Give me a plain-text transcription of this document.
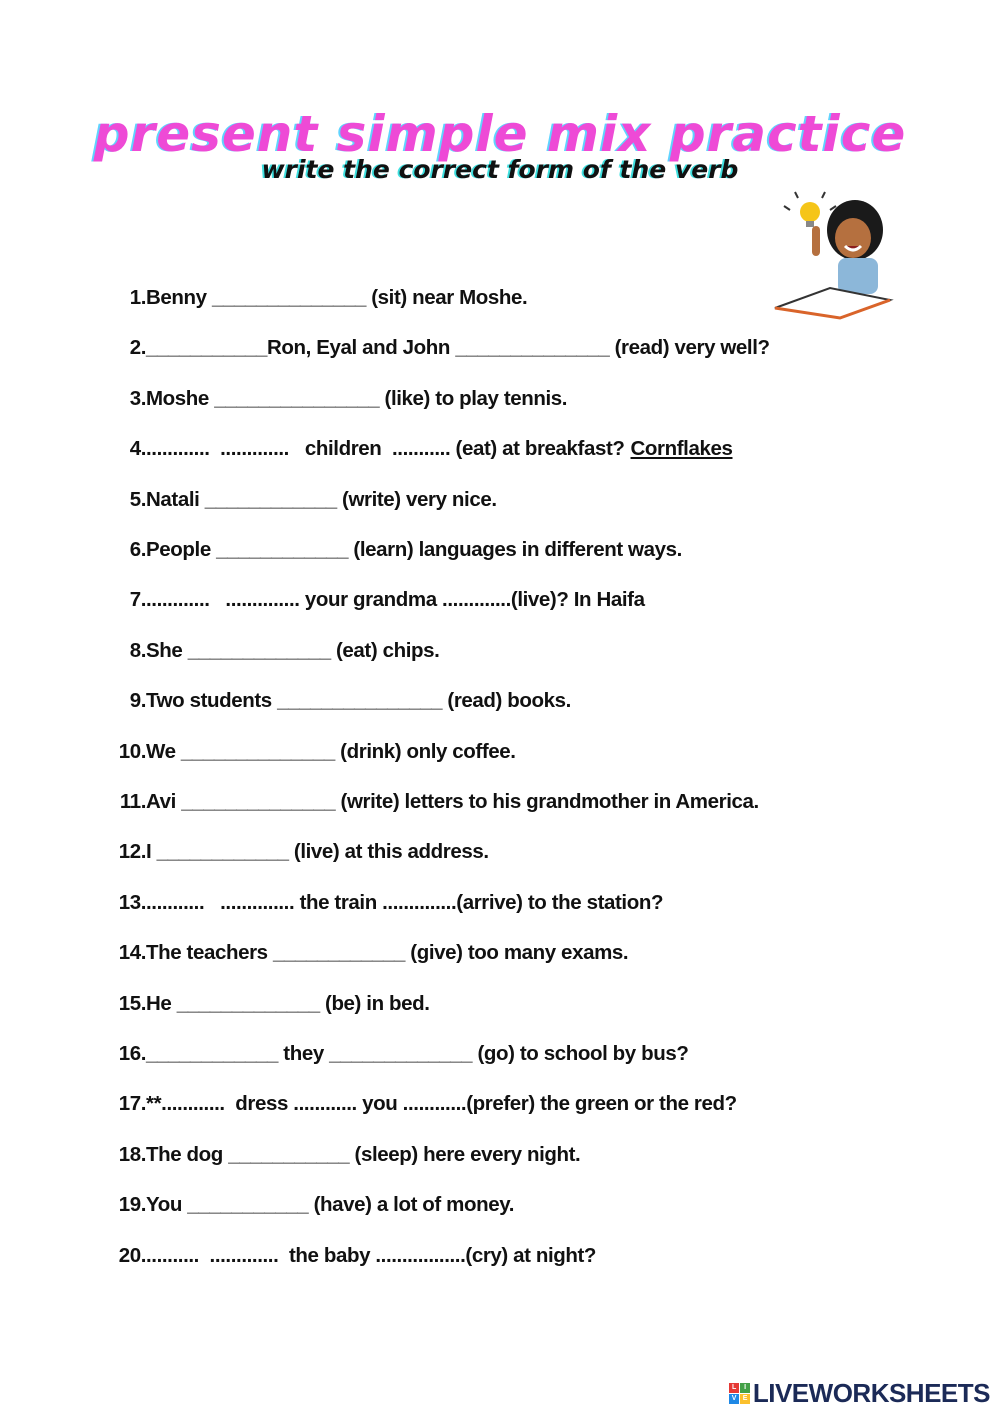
present simple mix practice
write the correct form of the verb
1. Benny ______________ (sit) near Moshe.
2. ___________Ron, Eyal and John ______________ (read) very well?
3. Moshe _______________ (like) to play tennis.
4. ............  .............   children  ........... (eat) at breakfast? Cornflakes
5. Natali ____________ (write) very nice.
6. People ____________ (learn) languages in different ways.
7. ............   .............. your grandma .............(live)? In Haifa
8. She _____________ (eat) chips.
9. Two students _______________ (read) books.
10. We ______________ (drink) only coffee.
11. Avi ______________ (write) letters to his grandmother in America.
12. I ____________ (live) at this address.
13. ...........   .............. the train ..............(arrive) to the station?
14. The teachers ____________ (give) too many exams.
15. He _____________ (be) in bed.
16. ____________ they _____________ (go) to school by bus?
17. **............  dress ............ you ............(prefer) the green or the red?
18. The dog ___________ (sleep) here every night.
19. You ___________ (have) a lot of money.
20. ..........  .............  the baby .................(cry) at night?
L	I
V E LIVEWORKSHEETS
